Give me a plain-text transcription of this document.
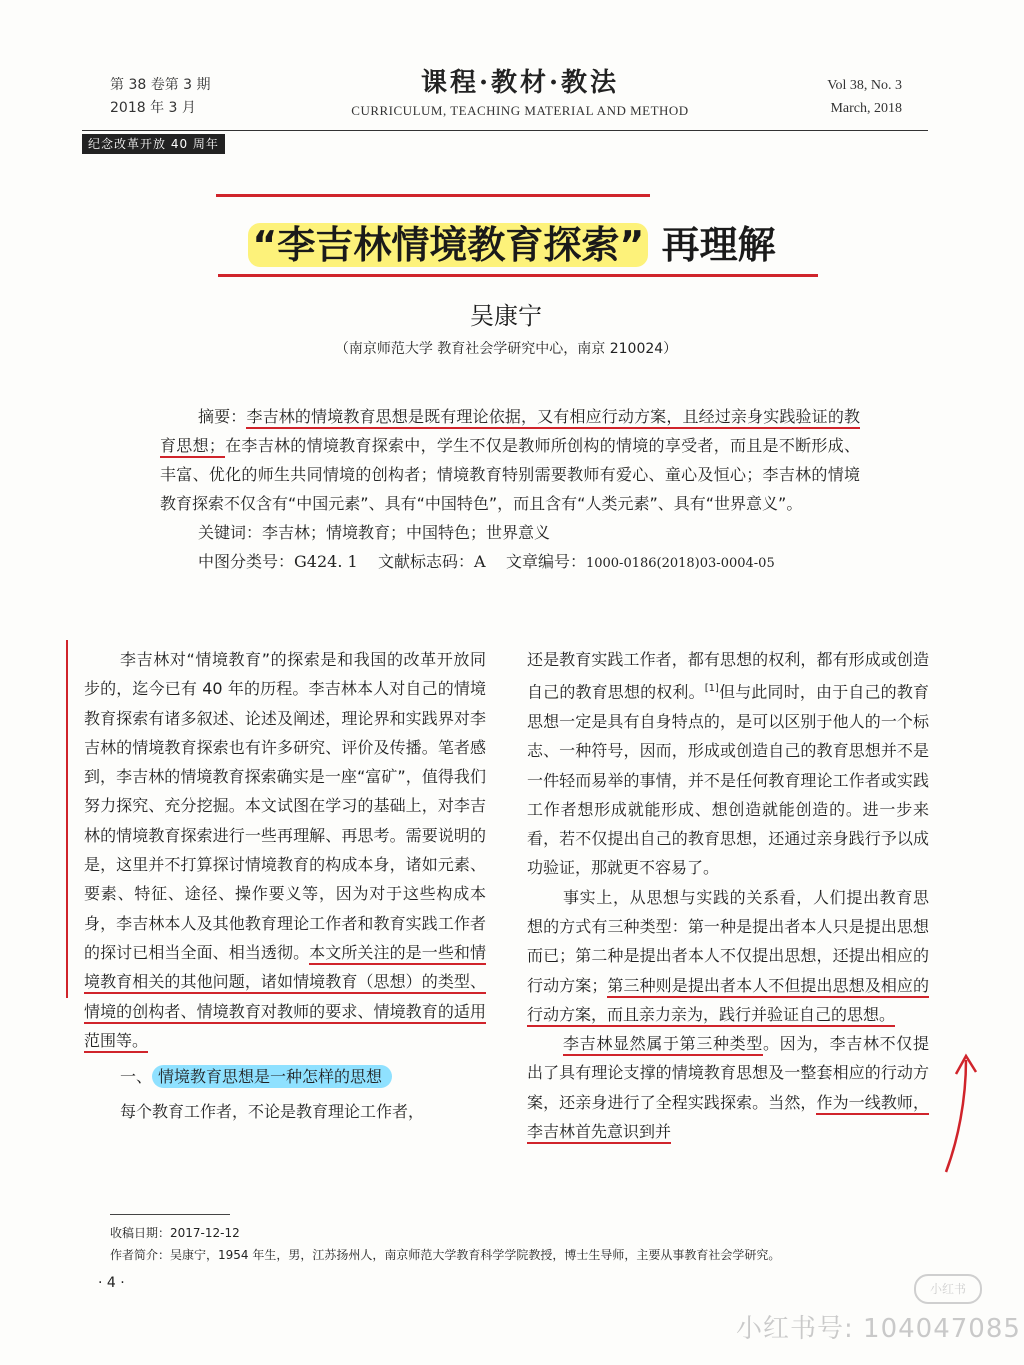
第 38 卷第 3 期
2018 年 3 月
课程·教材·教法
CURRICULUM, TEACHING MATERIAL AND METHOD
Vol 38, No. 3
March, 2018
纪念改革开放 40 周年
“李吉林情境教育探索” 再理解
吴康宁
（南京师范大学 教育社会学研究中心，南京 210024）

摘要：李吉林的情境教育思想是既有理论依据，又有相应行动方案，且经过亲身实践验证的教育思想；在李吉林的情境教育探索中，学生不仅是教师所创构的情境的享受者，而且是不断形成、丰富、优化的师生共同情境的创构者；情境教育特别需要教师有爱心、童心及恒心；李吉林的情境教育探索不仅含有“中国元素”、具有“中国特色”，而且含有“人类元素”、具有“世界意义”。

关键词：李吉林；情境教育；中国特色；世界意义

中图分类号：G424. 1 文献标志码：A 文章编号：1000-0186(2018)03-0004-05

李吉林对“情境教育”的探索是和我国的改革开放同步的，迄今已有 40 年的历程。李吉林本人对自己的情境教育探索有诸多叙述、论述及阐述，理论界和实践界对李吉林的情境教育探索也有许多研究、评价及传播。笔者感到，李吉林的情境教育探索确实是一座“富矿”，值得我们努力探究、充分挖掘。本文试图在学习的基础上，对李吉林的情境教育探索进行一些再理解、再思考。需要说明的是，这里并不打算探讨情境教育的构成本身，诸如元素、要素、特征、途径、操作要义等，因为对于这些构成本身，李吉林本人及其他教育理论工作者和教育实践工作者的探讨已相当全面、相当透彻。本文所关注的是一些和情境教育相关的其他问题，诸如情境教育（思想）的类型、情境的创构者、情境教育对教师的要求、情境教育的适用范围等。

一、 情境教育思想是一种怎样的思想

每个教育工作者，不论是教育理论工作者，

还是教育实践工作者，都有思想的权利，都有形成或创造自己的教育思想的权利。[1]但与此同时，由于自己的教育思想一定是具有自身特点的，是可以区别于他人的一个标志、一种符号，因而，形成或创造自己的教育思想并不是一件轻而易举的事情，并不是任何教育理论工作者或实践工作者想形成就能形成、想创造就能创造的。进一步来看，若不仅提出自己的教育思想，还通过亲身践行予以成功验证，那就更不容易了。

事实上，从思想与实践的关系看，人们提出教育思想的方式有三种类型：第一种是提出者本人只是提出思想而已；第二种是提出者本人不仅提出思想，还提出相应的行动方案；第三种则是提出者本人不但提出思想及相应的行动方案，而且亲力亲为，践行并验证自己的思想。

李吉林显然属于第三种类型。因为，李吉林不仅提出了具有理论支撑的情境教育思想及一整套相应的行动方案，还亲身进行了全程实践探索。当然，作为一线教师，李吉林首先意识到并

收稿日期：2017-12-12
作者简介：吴康宁，1954 年生，男，江苏扬州人，南京师范大学教育科学学院教授，博士生导师，主要从事教育社会学研究。
· 4 ·	小红书
小红书号: 104047085
